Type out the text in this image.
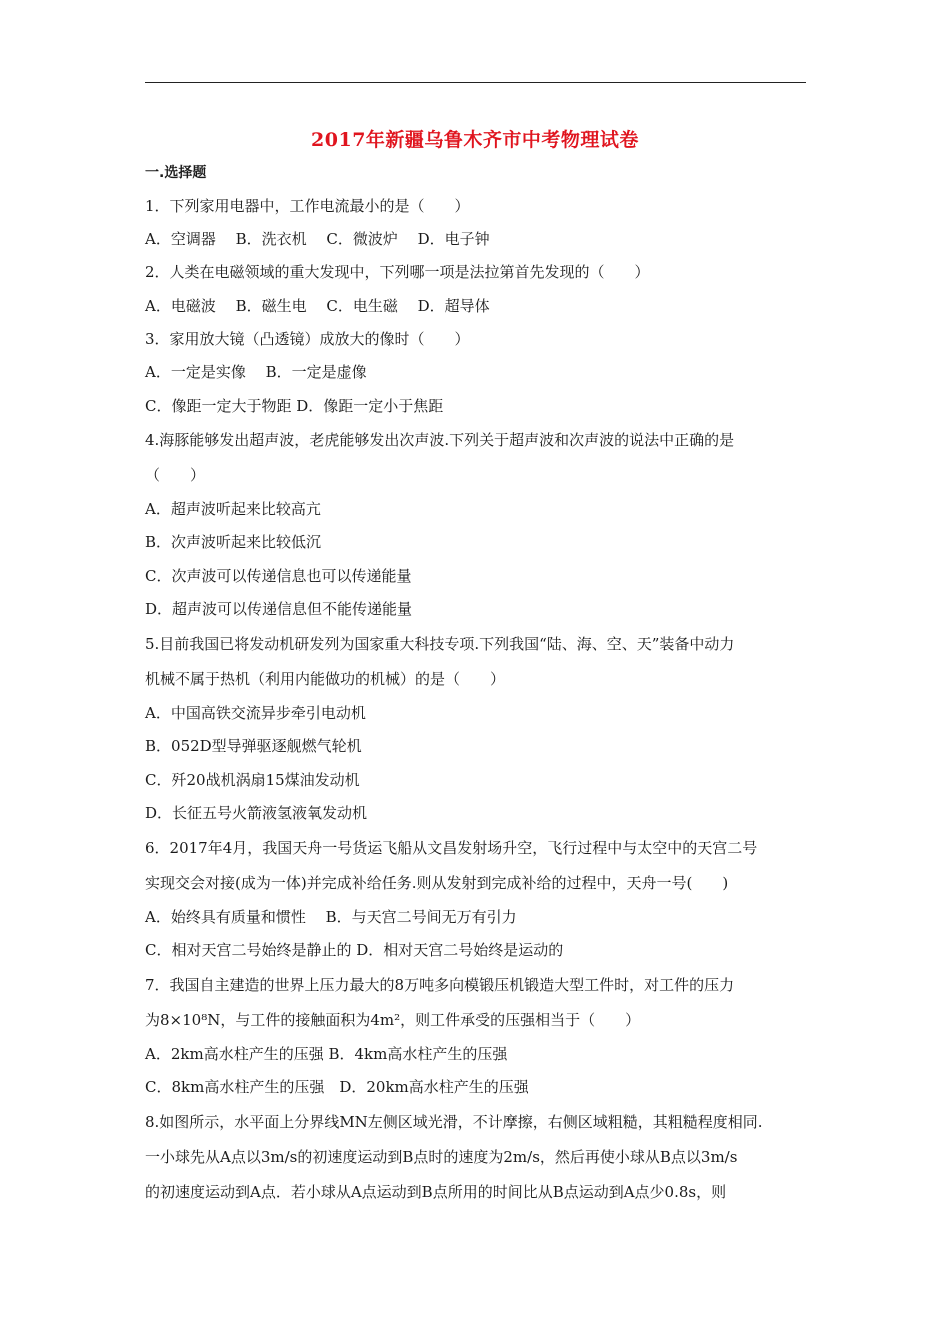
2017年新疆乌鲁木齐市中考物理试卷
一.选择题
1．下列家用电器中，工作电流最小的是（　　）
A．空调器　 B．洗衣机　 C．微波炉　 D．电子钟
2．人类在电磁领域的重大发现中，下列哪一项是法拉第首先发现的（　　）
A．电磁波　 B．磁生电　 C．电生磁　 D．超导体
3．家用放大镜（凸透镜）成放大的像时（　　）
A．一定是实像　 B．一定是虚像
C．像距一定大于物距 D．像距一定小于焦距
4.海豚能够发出超声波，老虎能够发出次声波.下列关于超声波和次声波的说法中正确的是
（　　）
A．超声波听起来比较高亢
B．次声波听起来比较低沉
C．次声波可以传递信息也可以传递能量
D．超声波可以传递信息但不能传递能量
5.目前我国已将发动机研发列为国家重大科技专项.下列我国“陆、海、空、天”装备中动力
机械不属于热机（利用内能做功的机械）的是（　　）
A．中国高铁交流异步牵引电动机
B．052D型导弹驱逐舰燃气轮机
C．歼20战机涡扇15煤油发动机
D．长征五号火箭液氢液氧发动机
6．2017年4月，我国天舟一号货运飞船从文昌发射场升空，飞行过程中与太空中的天宫二号
实现交会对接(成为一体)并完成补给任务.则从发射到完成补给的过程中，天舟一号(　　)
A．始终具有质量和惯性　 B．与天宫二号间无万有引力
C．相对天宫二号始终是静止的 D．相对天宫二号始终是运动的
7．我国自主建造的世界上压力最大的8万吨多向模锻压机锻造大型工件时，对工件的压力
为8×10⁸N，与工件的接触面积为4m²，则工件承受的压强相当于（　　）
A．2km高水柱产生的压强 B．4km高水柱产生的压强
C．8km高水柱产生的压强　D．20km高水柱产生的压强
8.如图所示，水平面上分界线MN左侧区域光滑，不计摩擦，右侧区域粗糙，其粗糙程度相同.
一小球先从A点以3m/s的初速度运动到B点时的速度为2m/s，然后再使小球从B点以3m/s
的初速度运动到A点．若小球从A点运动到B点所用的时间比从B点运动到A点少0.8s，则
